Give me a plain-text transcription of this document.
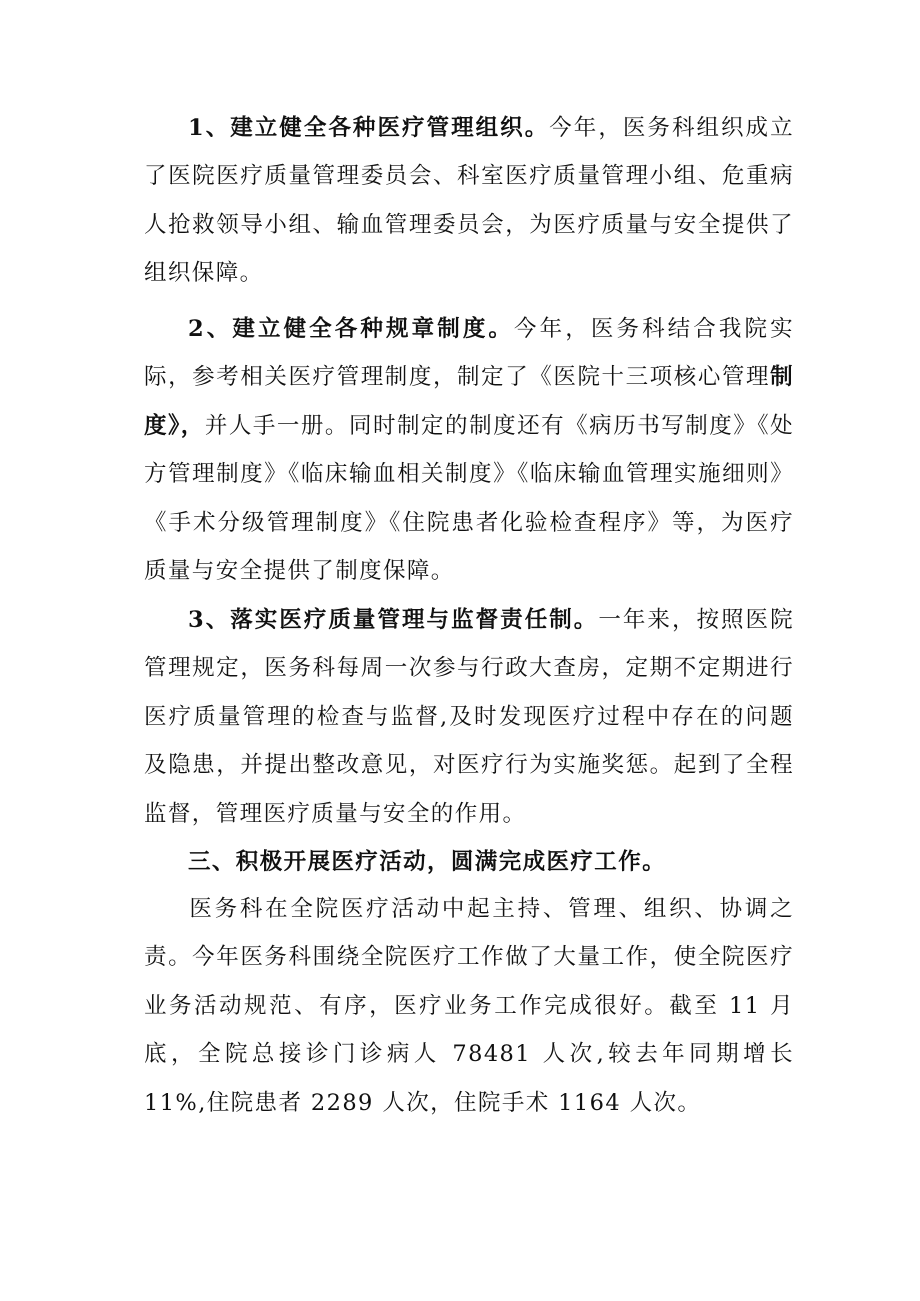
1、建立健全各种医疗管理组织。今年，医务科组织成立了医院医疗质量管理委员会、科室医疗质量管理小组、危重病人抢救领导小组、输血管理委员会，为医疗质量与安全提供了组织保障。

2、建立健全各种规章制度。今年，医务科结合我院实际，参考相关医疗管理制度，制定了《医院十三项核心管理制度》，并人手一册。同时制定的制度还有《病历书写制度》《处方管理制度》《临床输血相关制度》《临床输血管理实施细则》《手术分级管理制度》《住院患者化验检查程序》等，为医疗质量与安全提供了制度保障。

3、落实医疗质量管理与监督责任制。一年来，按照医院管理规定，医务科每周一次参与行政大查房，定期不定期进行医疗质量管理的检查与监督,及时发现医疗过程中存在的问题及隐患，并提出整改意见，对医疗行为实施奖惩。起到了全程监督，管理医疗质量与安全的作用。

三、积极开展医疗活动，圆满完成医疗工作。

医务科在全院医疗活动中起主持、管理、组织、协调之责。今年医务科围绕全院医疗工作做了大量工作，使全院医疗业务活动规范、有序，医疗业务工作完成很好。截至 11 月底，全院总接诊门诊病人 78481 人次,较去年同期增长 11%,住院患者 2289 人次，住院手术 1164 人次。
